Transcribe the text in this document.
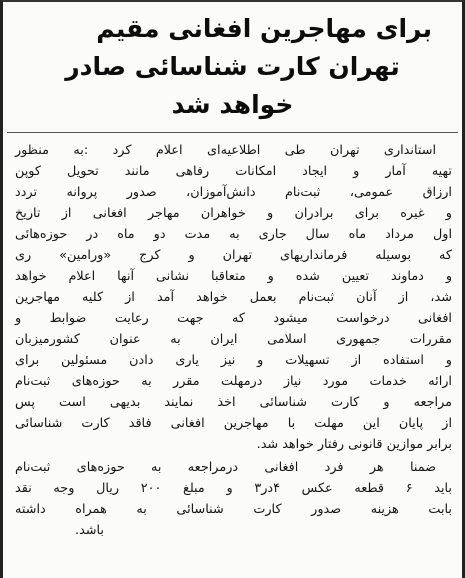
برای مهاجرین افغانی مقیم
تهران کارت شناسائی صادر
خواهد شد
استانداری تهران طی اطلاعیه‌ای اعلام کرد :به منظور
تهیه آمار و ایجاد امکانات رفاهی مانند تحویل کوپن
ارزاق عمومی، ثبت‌نام دانش‌آموزان، صدور پروانه تردد
و غیره برای برادران و خواهران مهاجر افغانی از تاریخ
اول مرداد ماه سال جاری به مدت دو ماه در حوزه‌هائی
که بوسیله فرمانداریهای تهران و کرج «ورامین» ری
و دماوند تعیین شده و متعاقبا نشانی آنها اعلام خواهد
شد، از آنان ثبت‌نام بعمل خواهد آمد از کلیه مهاجرین
افغانی درخواست میشود که جهت رعایت ضوابط و
مقررات جمهوری اسلامی ایران به عنوان کشورمیزبان
و استفاده از تسهیلات و نیز یاری دادن مسئولین برای
ارائه خدمات مورد نیاز درمهلت مقرر به حوزه‌های ثبت‌نام
مراجعه و کارت شناسائی اخذ نمایند بدیهی است پس
از پایان این مهلت با مهاجرین افغانی فاقد کارت شناسائی
برابر موازین قانونی رفتار خواهد شد.
ضمنا هر فرد افغانی درمراجعه به حوزه‌های ثبت‌نام
باید ۶ قطعه عکس ۴در۳ و مبلغ ۲۰۰ ریال وجه نقد
بابت هزینه صدور کارت شناسائی به همراه داشته
باشد.
